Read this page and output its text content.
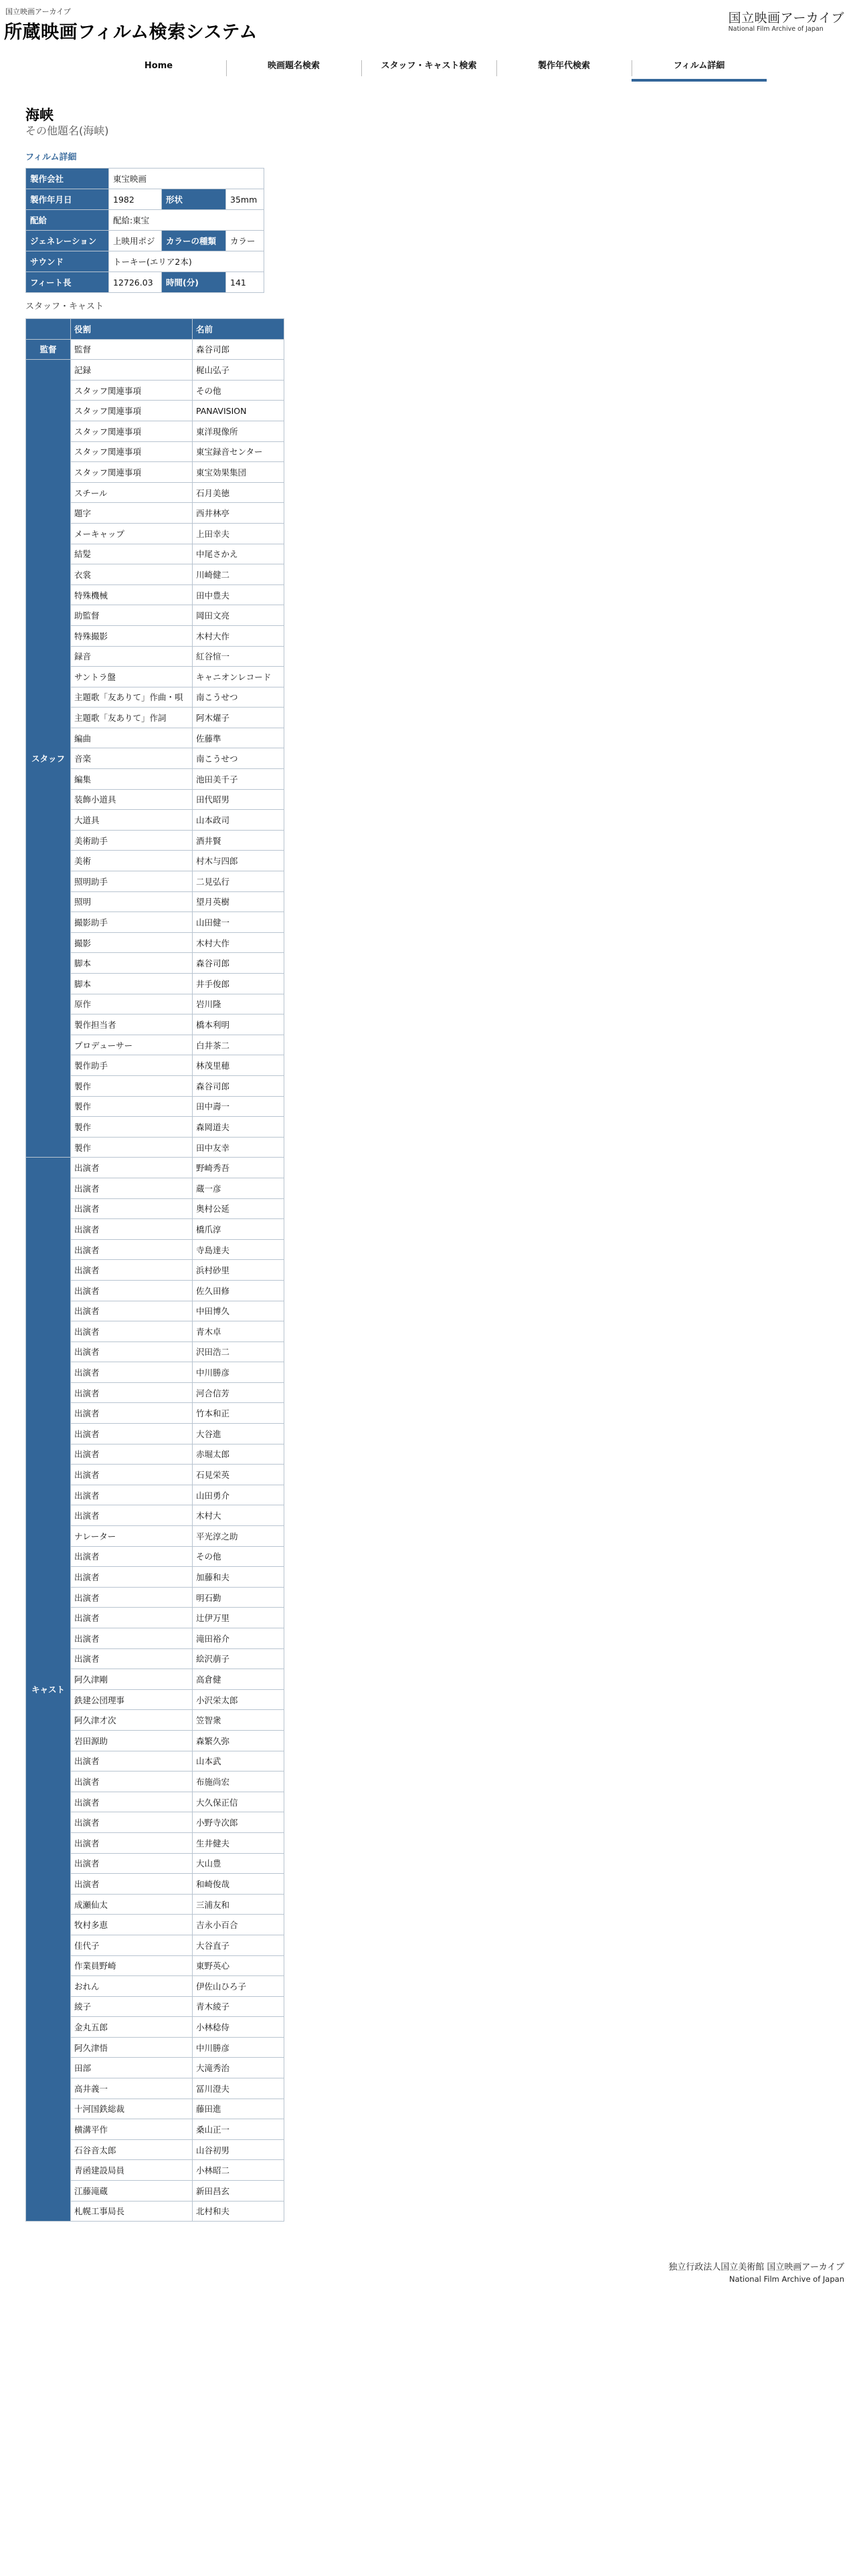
国立映画アーカイブ
所蔵映画フィルム検索システム
国立映画アーカイブ
National Film Archive of Japan
Home	映画題名検索	スタッフ・キャスト検索	製作年代検索	フィルム詳細
海峡
その他題名(海峡)
フィルム詳細
製作会社	東宝映画		
製作年月日	1982	形状	35mm
配給	配給:東宝		
ジェネレーション	上映用ポジ	カラーの種類	カラー
サウンド	トーキー(エリア2本)		
フィート長	12726.03	時間(分)	141
スタッフ・キャスト
	役割	名前
監督	監督	森谷司郎
スタッフ	記録	梶山弘子
	スタッフ関連事項	その他
	スタッフ関連事項	PANAVISION
	スタッフ関連事項	東洋現像所
	スタッフ関連事項	東宝録音センター
	スタッフ関連事項	東宝効果集団
	スチール	石月美徳
	題字	西井林亭
	メーキャップ	上田幸夫
	結髪	中尾さかえ
	衣裳	川崎健二
	特殊機械	田中豊夫
	助監督	岡田文亮
	特殊撮影	木村大作
	録音	紅谷愃一
	サントラ盤	キャニオンレコード
	主題歌「友ありて」作曲・唄	南こうせつ
	主題歌「友ありて」作詞	阿木燿子
	編曲	佐藤準
	音楽	南こうせつ
	編集	池田美千子
	装飾小道具	田代昭男
	大道具	山本政司
	美術助手	酒井賢
	美術	村木与四郎
	照明助手	二見弘行
	照明	望月英樹
	撮影助手	山田健一
	撮影	木村大作
	脚本	森谷司郎
	脚本	井手俊郎
	原作	岩川隆
	製作担当者	橋本利明
	プロデューサー	白井茶二
	製作助手	林茂里穂
	製作	森谷司郎
	製作	田中壽一
	製作	森岡道夫
	製作	田中友幸
キャスト	出演者	野崎秀吾
	出演者	蔵一彦
	出演者	奥村公延
	出演者	橋爪淳
	出演者	寺島達夫
	出演者	浜村砂里
	出演者	佐久田修
	出演者	中田博久
	出演者	青木卓
	出演者	沢田浩二
	出演者	中川勝彦
	出演者	河合信芳
	出演者	竹本和正
	出演者	大谷進
	出演者	赤堀太郎
	出演者	石見栄英
	出演者	山田勇介
	出演者	木村大
	ナレーター	平光淳之助
	出演者	その他
	出演者	加藤和夫
	出演者	明石勤
	出演者	辻伊万里
	出演者	滝田裕介
	出演者	絵沢萠子
	阿久津剛	高倉健
	鉄建公団理事	小沢栄太郎
	阿久津才次	笠智衆
	岩田源助	森繁久弥
	出演者	山本武
	出演者	布施尚宏
	出演者	大久保正信
	出演者	小野寺次郎
	出演者	生井健夫
	出演者	大山豊
	出演者	和崎俊哉
	成瀬仙太	三浦友和
	牧村多恵	吉永小百合
	佳代子	大谷直子
	作業員野崎	東野英心
	おれん	伊佐山ひろ子
	綾子	青木綾子
	金丸五郎	小林稔侍
	阿久津悟	中川勝彦
	田部	大滝秀治
	高井義一	冨川澄夫
	十河国鉄総裁	藤田進
	横溝平作	桑山正一
	石谷音太郎	山谷初男
	青函建設局員	小林昭二
	江藤滝蔵	新田昌玄
	札幌工事局長	北村和夫
独立行政法人国立美術館 国立映画アーカイブ
National Film Archive of Japan
